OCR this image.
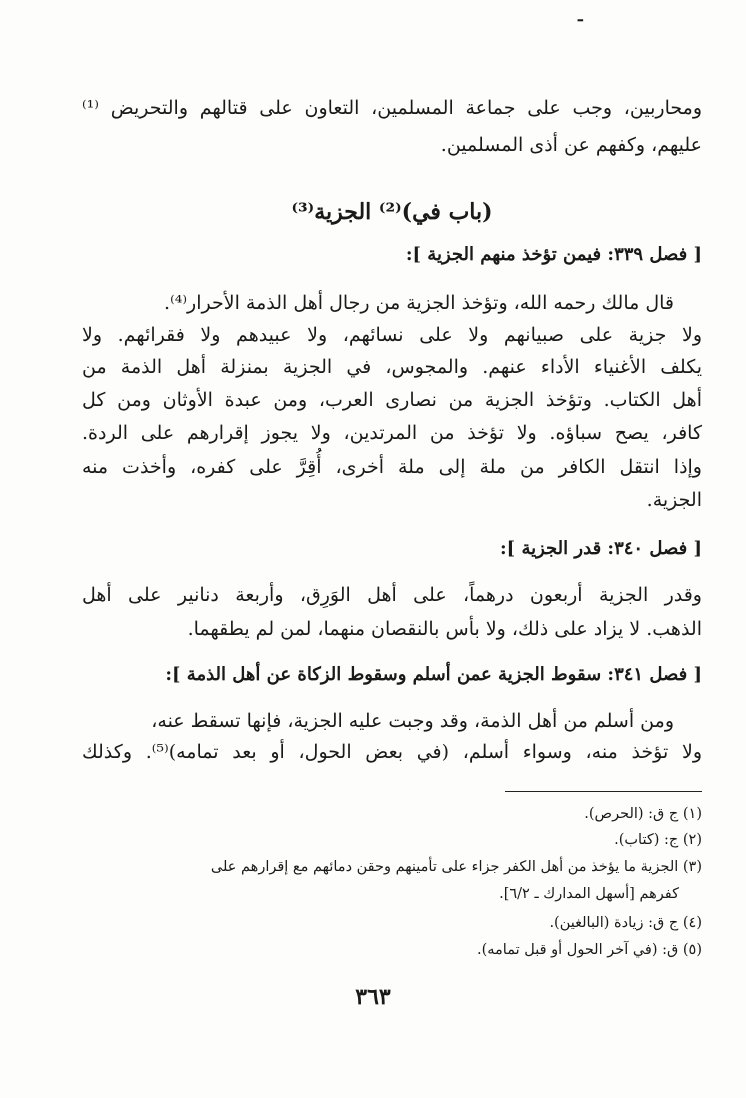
ـ
ومحاربين، وجب على جماعة المسلمين، التعاون على قتالهم والتحريض ⁽¹⁾
عليهم، وكفهم عن أذى المسلمين.
(باب في)⁽²⁾ الجزية⁽³⁾
[ فصل ٣٣٩: فيمن تؤخذ منهم الجزية ]:
قال مالك رحمه الله، وتؤخذ الجزية من رجال أهل الذمة الأحرار⁽⁴⁾.
ولا جزية على صبيانهم ولا على نسائهم، ولا عبيدهم ولا فقرائهم. ولا
يكلف الأغنياء الأداء عنهم. والمجوس، في الجزية بمنزلة أهل الذمة من
أهل الكتاب. وتؤخذ الجزية من نصارى العرب، ومن عبدة الأوثان ومن كل
كافر، يصح سباؤه. ولا تؤخذ من المرتدين، ولا يجوز إقرارهم على الردة.
وإذا انتقل الكافر من ملة إلى ملة أخرى، أُقِرَّ على كفره، وأخذت منه
الجزية.
[ فصل ٣٤٠: قدر الجزية ]:
وقدر الجزية أربعون درهماً، على أهل الوَرِق، وأربعة دنانير على أهل
الذهب. لا يزاد على ذلك، ولا بأس بالنقصان منهما، لمن لم يطقهما.
[ فصل ٣٤١: سقوط الجزية عمن أسلم وسقوط الزكاة عن أهل الذمة ]:
ومن أسلم من أهل الذمة، وقد وجبت عليه الجزية، فإنها تسقط عنه،
ولا تؤخذ منه، وسواء أسلم، (في بعض الحول، أو بعد تمامه)⁽⁵⁾. وكذلك
(١) ج ق: (الحرص).
(٢) ج: (كتاب).
(٣) الجزية ما يؤخذ من أهل الكفر جزاء على تأمينهم وحقن دمائهم مع إقرارهم على
كفرهم [أسهل المدارك ـ ٦/٢].
(٤) ج ق: زيادة (البالغين).
(٥) ق: (في آخر الحول أو قبل تمامه).
٣٦٣
